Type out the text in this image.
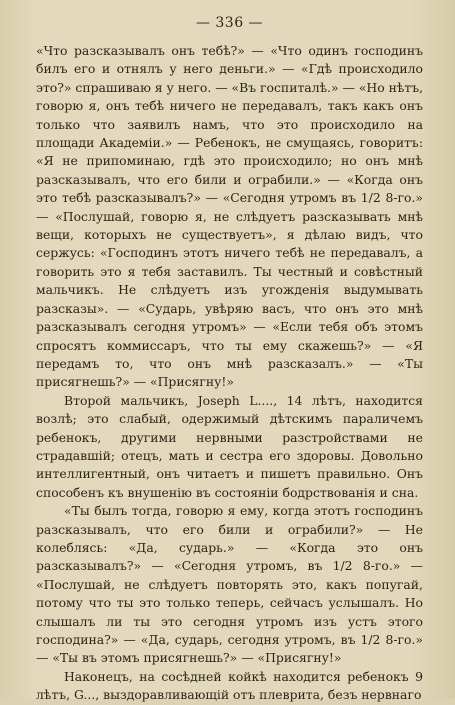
— 336 —

«Что разсказывалъ онъ тебѣ?» — «Что одинъ господинъ билъ его и отнялъ у него деньги.» — «Гдѣ происходило это?» спрашиваю я у него. — «Въ госпиталѣ.» — «Но нѣтъ, говорю я, онъ тебѣ ничего не передавалъ, такъ какъ онъ только что заявилъ намъ, что это происходило на площади Академіи.» — Ребенокъ, не смущаясь, говоритъ: «Я не припоминаю, гдѣ это происходило; но онъ мнѣ разсказывалъ, что его били и ограбили.» — «Когда онъ это тебѣ разсказывалъ?» — «Сегодня утромъ въ 1/2 8-го.» — «Послушай, говорю я, не слѣдуетъ разсказывать мнѣ вещи, которыхъ не существуетъ», я дѣлаю видъ, что сержусь: «Господинъ этотъ ничего тебѣ не передавалъ, а говорить это я тебя заставилъ. Ты честный и совѣстный мальчикъ. Не слѣдуетъ изъ угожденія выдумывать разсказы». — «Сударь, увѣряю васъ, что онъ это мнѣ разсказывалъ сегодня утромъ» — «Если тебя объ этомъ спросятъ коммиссаръ, что ты ему скажешь?» — «Я передамъ то, что онъ мнѣ разсказалъ.» — «Ты присягнешь?» — «Присягну!»

Второй мальчикъ, Joseph L...., 14 лѣтъ, находится возлѣ; это слабый, одержимый дѣтскимъ параличемъ ребенокъ, другими нервными разстройствами не страдавшій; отецъ, мать и сестра его здоровы. Довольно интеллигентный, онъ читаетъ и пишетъ правильно. Онъ способенъ къ внушенію въ состояніи бодрствованія и сна.

«Ты былъ тогда, говорю я ему, когда этотъ господинъ разсказывалъ, что его били и ограбили?» — Не колеблясь: «Да, сударь.» — «Когда это онъ разсказывалъ?» — «Сегодня утромъ, въ 1/2 8-го.» — «Послушай, не слѣдуетъ повторять это, какъ попугай, потому что ты это только теперь, сейчасъ услышалъ. Но слышалъ ли ты это сегодня утромъ изъ устъ этого господина?» — «Да, сударь, сегодня утромъ, въ 1/2 8-го.» — «Ты въ этомъ присягнешь?» — «Присягну!»

Наконецъ, на сосѣдней койкѣ находится ребенокъ 9 лѣтъ, G..., выздоравливающій отъ плеврита, безъ нервнаго
